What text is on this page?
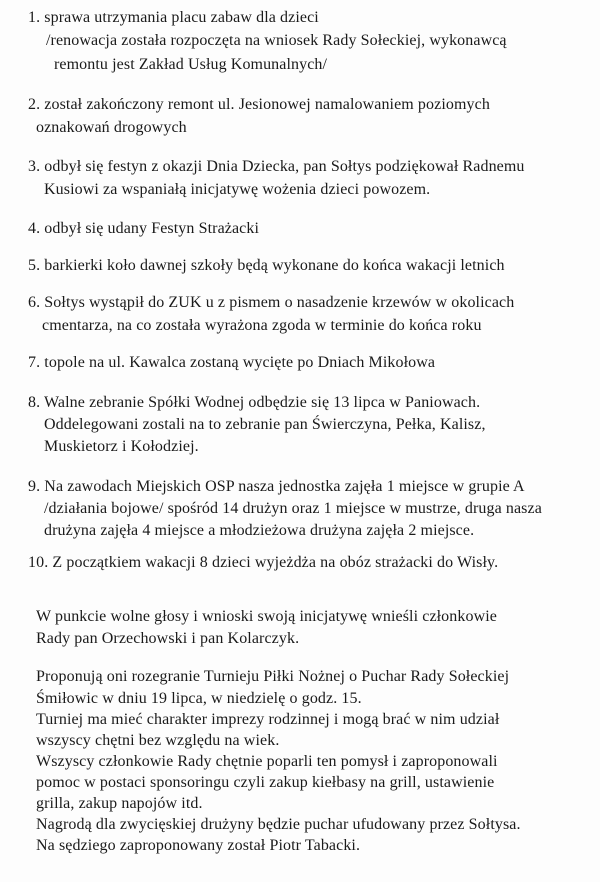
1. sprawa utrzymania placu zabaw dla dzieci
/renowacja została rozpoczęta na wniosek Rady Sołeckiej, wykonawcą
remontu jest Zakład Usług Komunalnych/
2. został zakończony remont ul. Jesionowej namalowaniem poziomych
oznakowań drogowych
3. odbył się festyn z okazji Dnia Dziecka, pan Sołtys podziękował Radnemu
Kusiowi za wspaniałą inicjatywę wożenia dzieci powozem.
4. odbył się udany Festyn Strażacki
5. barkierki koło dawnej szkoły będą wykonane do końca wakacji letnich
6. Sołtys wystąpił do ZUK u z pismem o nasadzenie krzewów w okolicach
cmentarza, na co została wyrażona zgoda w terminie do końca roku
7. topole na ul. Kawalca zostaną wycięte po Dniach Mikołowa
8. Walne zebranie Spółki Wodnej odbędzie się 13 lipca w Paniowach.
Oddelegowani zostali na to zebranie pan Świerczyna, Pełka, Kalisz,
Muskietorz i Kołodziej.
9. Na zawodach Miejskich OSP nasza jednostka zajęła 1 miejsce w grupie A
/działania bojowe/ spośród 14 drużyn oraz 1 miejsce w mustrze, druga nasza
drużyna zajęła 4 miejsce a młodzieżowa drużyna zajęła 2 miejsce.
10. Z początkiem wakacji 8 dzieci wyjeżdża na obóz strażacki do Wisły.
W punkcie wolne głosy i wnioski swoją inicjatywę wnieśli członkowie
Rady pan Orzechowski i pan Kolarczyk.
Proponują oni rozegranie Turnieju Piłki Nożnej o Puchar Rady Sołeckiej
Śmiłowic w dniu 19 lipca, w niedzielę o godz. 15.
Turniej ma mieć charakter imprezy rodzinnej i mogą brać w nim udział
wszyscy chętni bez względu na wiek.
Wszyscy członkowie Rady chętnie poparli ten pomysł i zaproponowali
pomoc w postaci sponsoringu czyli zakup kiełbasy na grill, ustawienie
grilla, zakup napojów itd.
Nagrodą dla zwycięskiej drużyny będzie puchar ufudowany przez Sołtysa.
Na sędziego zaproponowany został Piotr Tabacki.
